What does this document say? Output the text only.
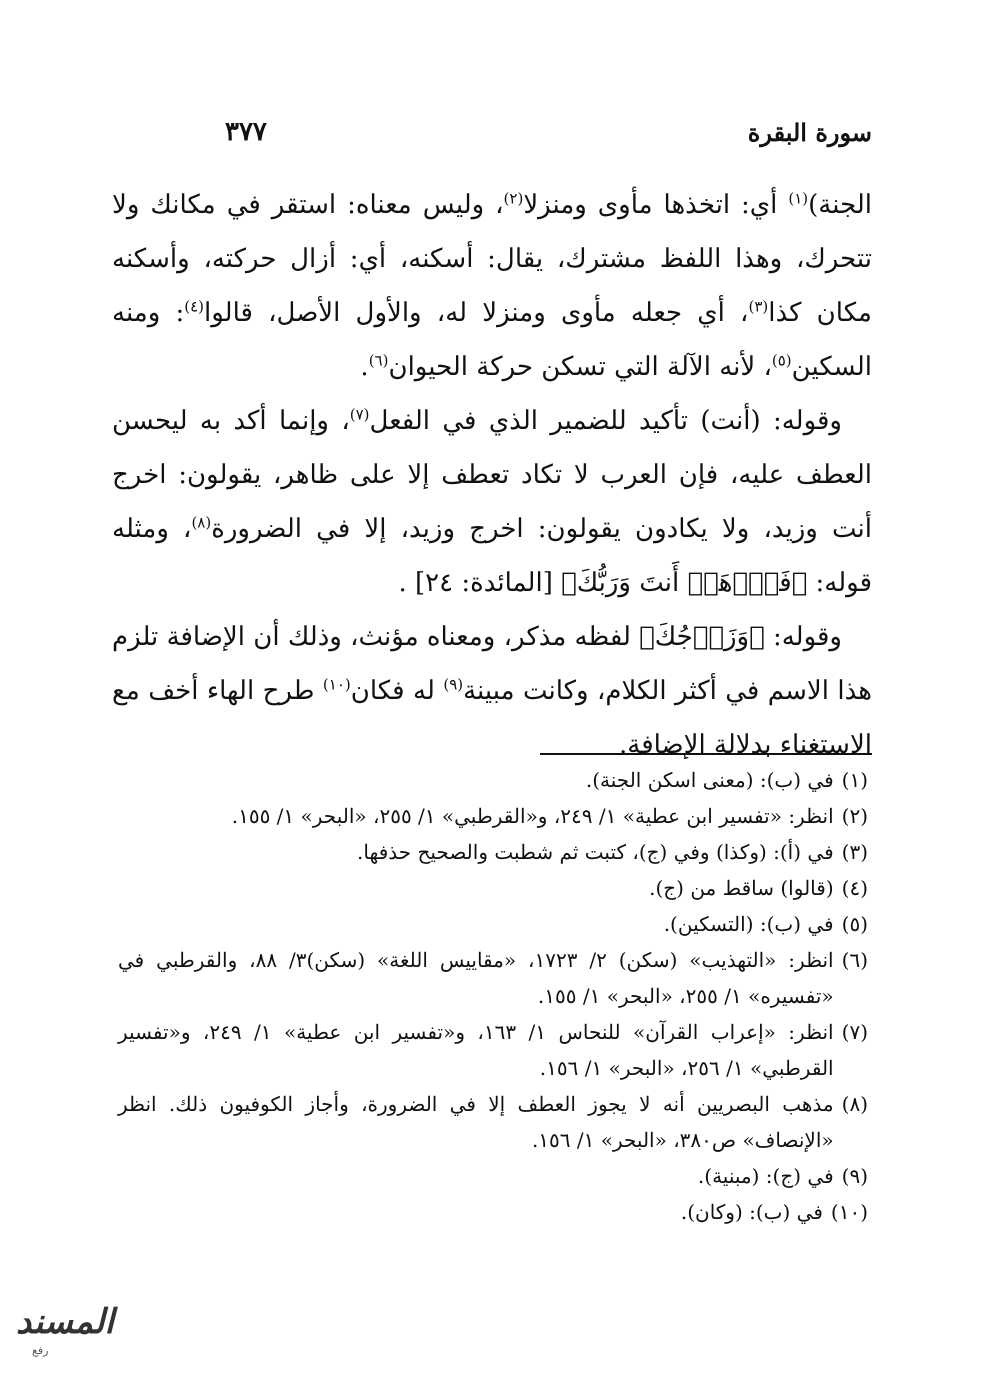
سورة البقرة
٣٧٧

الجنة)$^{(١)}$ أي: اتخذها مأوى ومنزلا$^{(٢)}$، وليس معناه: استقر في مكانك ولا تتحرك، وهذا اللفظ مشترك، يقال: أسكنه، أي: أزال حركته، وأسكنه مكان كذا$^{(٣)}$، أي جعله مأوى ومنزلا له، والأول الأصل، قالوا$^{(٤)}$: ومنه السكين$^{(٥)}$، لأنه الآلة التي تسكن حركة الحيوان$^{(٦)}$.

وقوله: (أنت) تأكيد للضمير الذي في الفعل$^{(٧)}$، وإنما أكد به ليحسن العطف عليه، فإن العرب لا تكاد تعطف إلا على ظاهر، يقولون: اخرج أنت وزيد، ولا يكادون يقولون: اخرج وزيد، إلا في الضرورة$^{(٨)}$، ومثله قوله: ﴿فَٱذۡهَبۡ أَنتَ وَرَبُّكَ﴾ [المائدة: ٢٤] .

وقوله: ﴿وَزَوۡجُكَ﴾ لفظه مذكر، ومعناه مؤنث، وذلك أن الإضافة تلزم هذا الاسم في أكثر الكلام، وكانت مبينة$^{(٩)}$ له فكان$^{(١٠)}$ طرح الهاء أخف مع الاستغناء بدلالة الإضافة.

(١)
في (ب): (معنى اسكن الجنة).
(٢)
انظر: «تفسير ابن عطية» ١/ ٢٤٩، و«القرطبي» ١/ ٢٥٥، «البحر» ١/ ١٥٥.
(٣)
في (أ): (وكذا) وفي (ج)، كتبت ثم شطبت والصحيح حذفها.
(٤)
(قالوا) ساقط من (ج).
(٥)
في (ب): (التسكين).
(٦)
انظر: «التهذيب» (سكن) ٢/ ١٧٢٣، «مقاييس اللغة» (سكن)٣/ ٨٨، والقرطبي في «تفسيره» ١/ ٢٥٥، «البحر» ١/ ١٥٥.
(٧)
انظر: «إعراب القرآن» للنحاس ١/ ١٦٣، و«تفسير ابن عطية» ١/ ٢٤٩، و«تفسير القرطبي» ١/ ٢٥٦، «البحر» ١/ ١٥٦.
(٨)
مذهب البصريين أنه لا يجوز العطف إلا في الضرورة، وأجاز الكوفيون ذلك. انظر «الإنصاف» ص٣٨٠، «البحر» ١/ ١٥٦.
(٩)
في (ج): (مبنية).
(١٠)
في (ب): (وكان).
المسند
رفع
